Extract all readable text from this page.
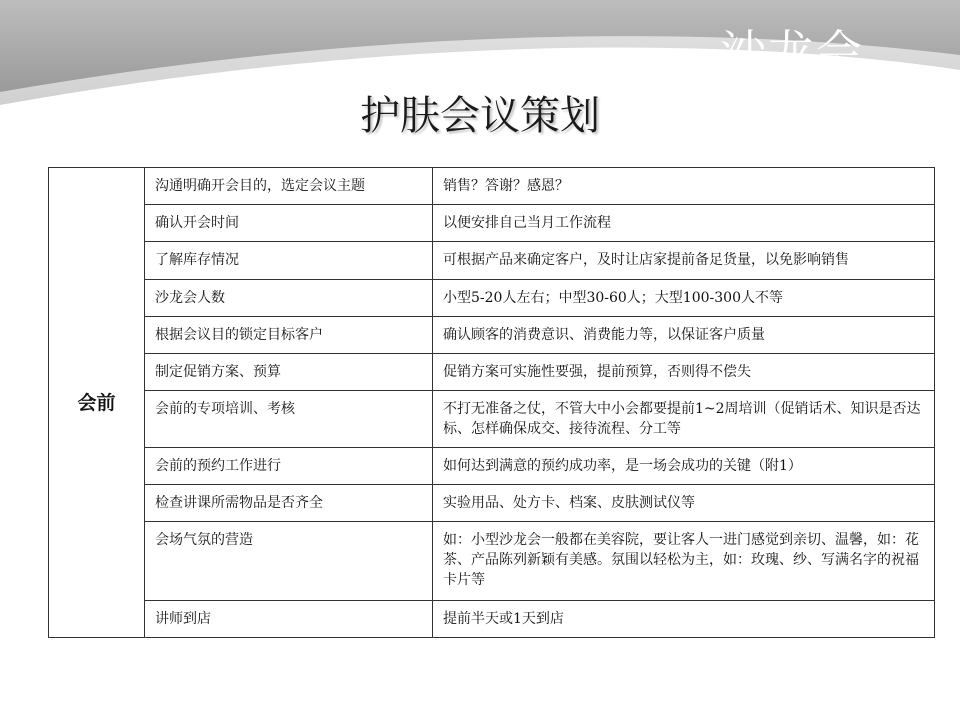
沙龙会
护肤会议策划
会前	沟通明确开会目的，选定会议主题	销售？答谢？感恩？
	确认开会时间	以便安排自己当月工作流程
	了解库存情况	可根据产品来确定客户，及时让店家提前备足货量，以免影响销售
	沙龙会人数	小型5-20人左右；中型30-60人；大型100-300人不等
	根据会议目的锁定目标客户	确认顾客的消费意识、消费能力等，以保证客户质量
	制定促销方案、预算	促销方案可实施性要强，提前预算，否则得不偿失
	会前的专项培训、考核	不打无准备之仗，不管大中小会都要提前1~2周培训（促销话术、知识是否达标、怎样确保成交、接待流程、分工等
	会前的预约工作进行	如何达到满意的预约成功率，是一场会成功的关键（附1）
	检查讲课所需物品是否齐全	实验用品、处方卡、档案、皮肤测试仪等
	会场气氛的营造	如：小型沙龙会一般都在美容院，要让客人一进门感觉到亲切、温馨，如：花茶、产品陈列新颖有美感。氛围以轻松为主，如：玫瑰、纱、写满名字的祝福卡片等
	讲师到店	提前半天或1天到店
